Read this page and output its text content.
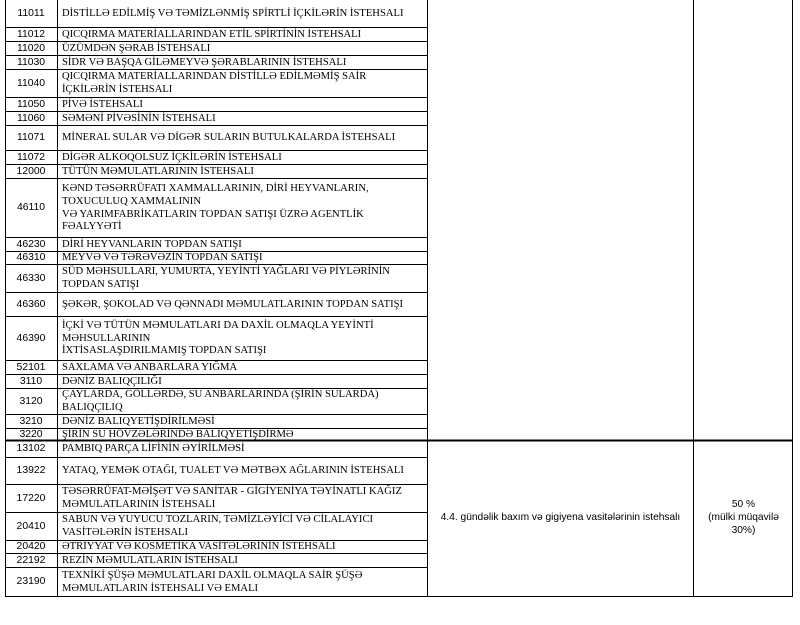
11011
11012
11020
11030
11040
11050
11060
11071
11072
12000
46110
46230
46310
46330
46360
46390
52101
3110
3120
3210
3220
13102
13922
17220
20410
20420
22192
23190
DİSTİLLƏ EDİLMİŞ VƏ TƏMİZLƏNMİŞ SPİRTLİ İÇKİLƏRİN İSTEHSALI
QICQIRMA MATERİALLARINDAN ETİL SPİRTİNİN İSTEHSALI
ÜZÜMDƏN ŞƏRAB İSTEHSALI
SİDR VƏ BAŞQA GİLƏMEYVƏ ŞƏRABLARININ İSTEHSALI
QICQIRMA MATERİALLARINDAN DİSTİLLƏ EDİLMƏMİŞ SAİR
İÇKİLƏRİN İSTEHSALI
PİVƏ İSTEHSALI
SƏMƏNİ PİVƏSİNİN İSTEHSALI
MİNERAL SULAR VƏ DİGƏR SULARIN BUTULKALARDA İSTEHSALI
DİGƏR ALKOQOLSUZ İÇKİLƏRİN İSTEHSALI
TÜTÜN MƏMULATLARININ İSTEHSALI
KƏND TƏSƏRRÜFATI XAMMALLARININ, DİRİ HEYVANLARIN,
TOXUCULUQ XAMMALININ
VƏ YARIMFABRİKATLARIN TOPDAN SATIŞI ÜZRƏ AGENTLİK
FƏALYYƏTİ
DİRİ HEYVANLARIN TOPDAN SATIŞI
MEYVƏ VƏ TƏRƏVƏZİN TOPDAN SATIŞI
SÜD MƏHSULLARI, YUMURTA, YEYİNTİ YAĞLARI VƏ PİYLƏRİNİN
TOPDAN SATIŞI
ŞƏKƏR, ŞOKOLAD VƏ QƏNNADI MƏMULATLARININ TOPDAN SATIŞI
İÇKİ VƏ TÜTÜN MƏMULATLARI DA DAXİL OLMAQLA YEYİNTİ
MƏHSULLARININ
İXTİSASLAŞDIRILMAMIŞ TOPDAN SATIŞI
SAXLAMA VƏ ANBARLARA YIĞMA
DƏNİZ BALIQÇILIĞI
ÇAYLARDA, GÖLLƏRDƏ, SU ANBARLARINDA (ŞİRİN SULARDA)
BALIQÇILIQ
DƏNİZ BALIQYETİŞDİRİLMƏSİ
ŞİRİN SU HÖVZƏLƏRİNDƏ BALIQYETİŞDİRMƏ
PAMBIQ PARÇA LİFİNİN ƏYİRİLMƏSİ
YATAQ, YEMƏK OTAĞI, TUALET VƏ MƏTBƏX AĞLARININ İSTEHSALI
TƏSƏRRÜFAT-MƏİŞƏT VƏ SANİTAR - GİGİYENİYA TƏYİNATLI KAĞIZ
MƏMULATLARININ İSTEHSALI
SABUN VƏ YUYUCU TOZLARIN, TƏMİZLƏYİCİ VƏ CİLALAYICI
VASİTƏLƏRİN İSTEHSALI
ƏTRİYYAT VƏ KOSMETİKA VASİTƏLƏRİNİN İSTEHSALI
REZİN MƏMULATLARIN İSTEHSALI
TEXNİKİ ŞÜŞƏ MƏMULATLARI DAXİL OLMAQLA SAİR ŞÜŞƏ
MƏMULATLARIN İSTEHSALI VƏ EMALI
4.4. gündəlik baxım və gigiyena vasitələrinin istehsalı
50 %
(mülki müqavilə
30%)
